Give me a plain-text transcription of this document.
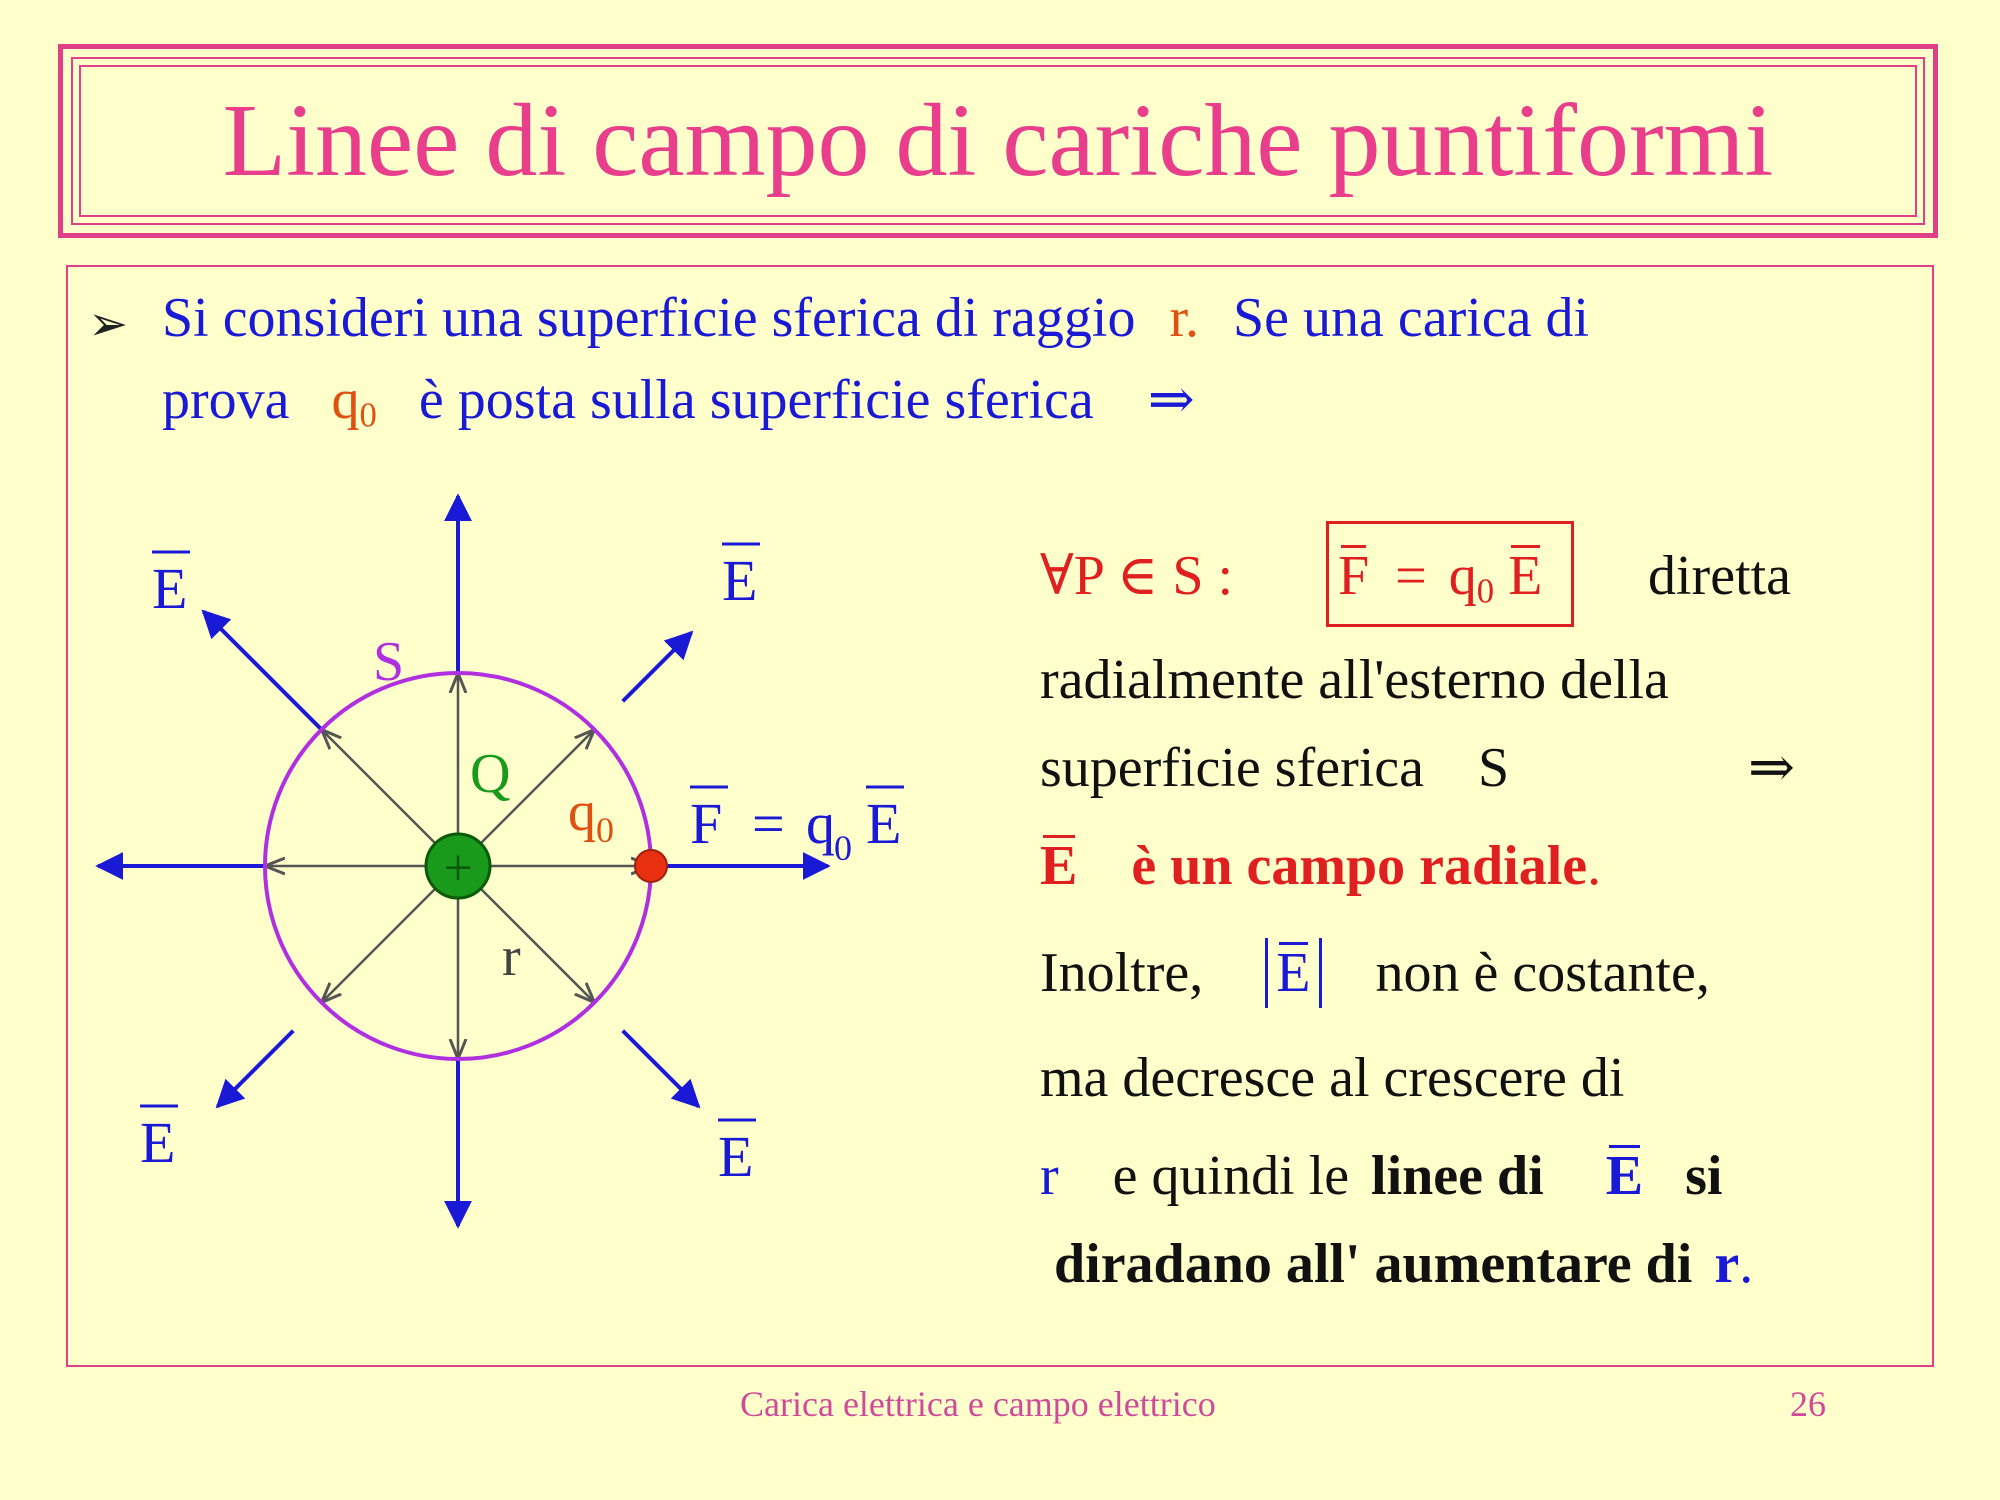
Linee di campo di cariche puntiformi
➢ Si consideri una superficie sferica di raggio r. Se una carica di
prova $q_0$ è posta sulla superficie sferica ⇒
+
S
Q
$q_0$
r
E	E
E	E
F = q 0 E
∀P ∈ S : $F = q_0$ E diretta
radialmente all'esterno della
superficie sferica S	⇒
E è un campo radiale.
Inoltre, E non è costante,
ma decresce al crescere di
r e quindi le linee di E si
diradano all' aumentare di r.
Carica elettrica e campo elettrico	26
